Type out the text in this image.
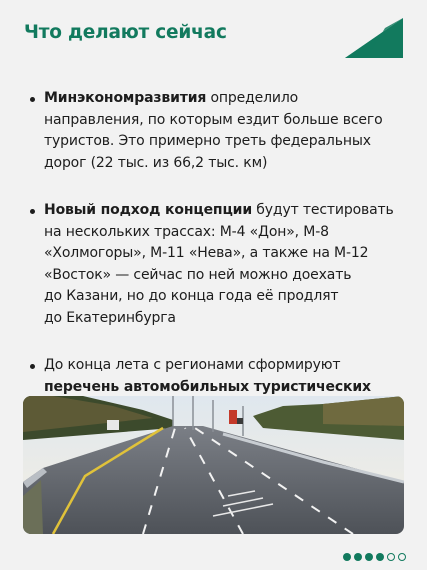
Что делают сейчас
Минэкономразвития определило
направления, по которым ездит больше всего
туристов. Это примерно треть федеральных
дорог (22 тыс. из 66,2 тыс. км)
Новый подход концепции будут тестировать
на нескольких трассах: М-4 «Дон», М-8
«Холмогоры», М-11 «Нева», а также на М-12
«Восток» — сейчас по ней можно доехать
до Казани, но до конца года её продлят
до Екатеринбурга
До конца лета с регионами сформируют
перечень автомобильных туристических
